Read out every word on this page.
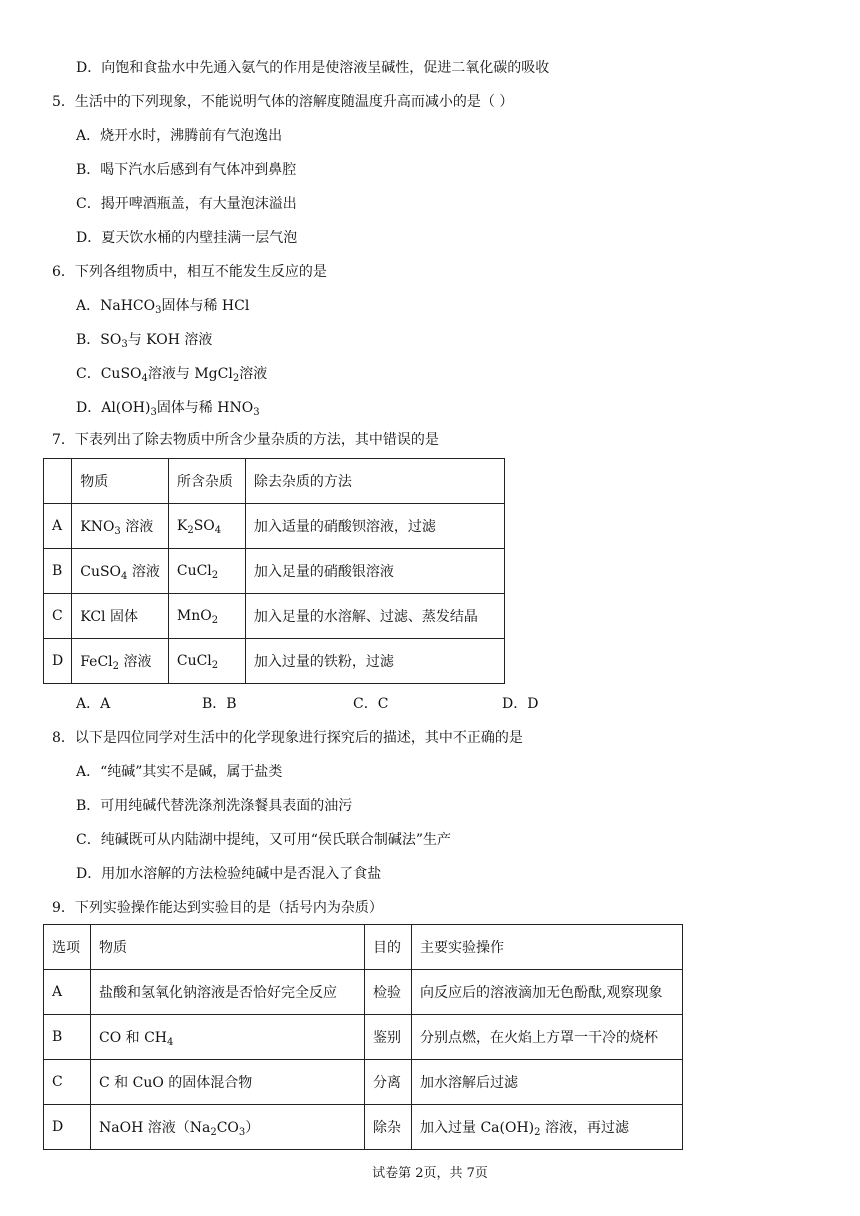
D．向饱和食盐水中先通入氨气的作用是使溶液呈碱性，促进二氧化碳的吸收
5．生活中的下列现象，不能说明气体的溶解度随温度升高而减小的是（ ）
A．烧开水时，沸腾前有气泡逸出
B．喝下汽水后感到有气体冲到鼻腔
C．揭开啤酒瓶盖，有大量泡沫溢出
D．夏天饮水桶的内壁挂满一层气泡
6．下列各组物质中，相互不能发生反应的是
A．NaHCO$_3$固体与稀 HCl
B．$SO_3$与 KOH 溶液
C．CuSO$_4$溶液与 MgCl$_2$溶液
D．$Al(OH)_3$固体与稀 $HNO_3$
7．下表列出了除去物质中所含少量杂质的方法，其中错误的是
	物质	所含杂质	除去杂质的方法
A	$KNO_3$ 溶液	$K_2SO_4$	加入适量的硝酸钡溶液，过滤
B	CuSO$_4$ 溶液	CuCl$_2$	加入足量的硝酸银溶液
C	KCl 固体	MnO$_2$	加入足量的水溶解、过滤、蒸发结晶
D	FeCl$_2$ 溶液	CuCl$_2$	加入过量的铁粉，过滤
A．A	B．B	C．C	D．D
8．以下是四位同学对生活中的化学现象进行探究后的描述，其中不正确的是
A．“纯碱”其实不是碱，属于盐类
B．可用纯碱代替洗涤剂洗涤餐具表面的油污
C．纯碱既可从内陆湖中提纯，又可用“侯氏联合制碱法”生产
D．用加水溶解的方法检验纯碱中是否混入了食盐
9．下列实验操作能达到实验目的是（括号内为杂质）
选项	物质	目的	主要实验操作
A	盐酸和氢氧化钠溶液是否恰好完全反应	检验	向反应后的溶液滴加无色酚酞,观察现象
B	CO 和 $CH_4$	鉴别	分别点燃，在火焰上方罩一干冷的烧杯
C	C 和 CuO 的固体混合物	分离	加水溶解后过滤
D	NaOH 溶液$(Na_2CO_3)$	除杂	加入过量 $Ca(OH)_2$ 溶液，再过滤
试卷第 2页，共 7页
